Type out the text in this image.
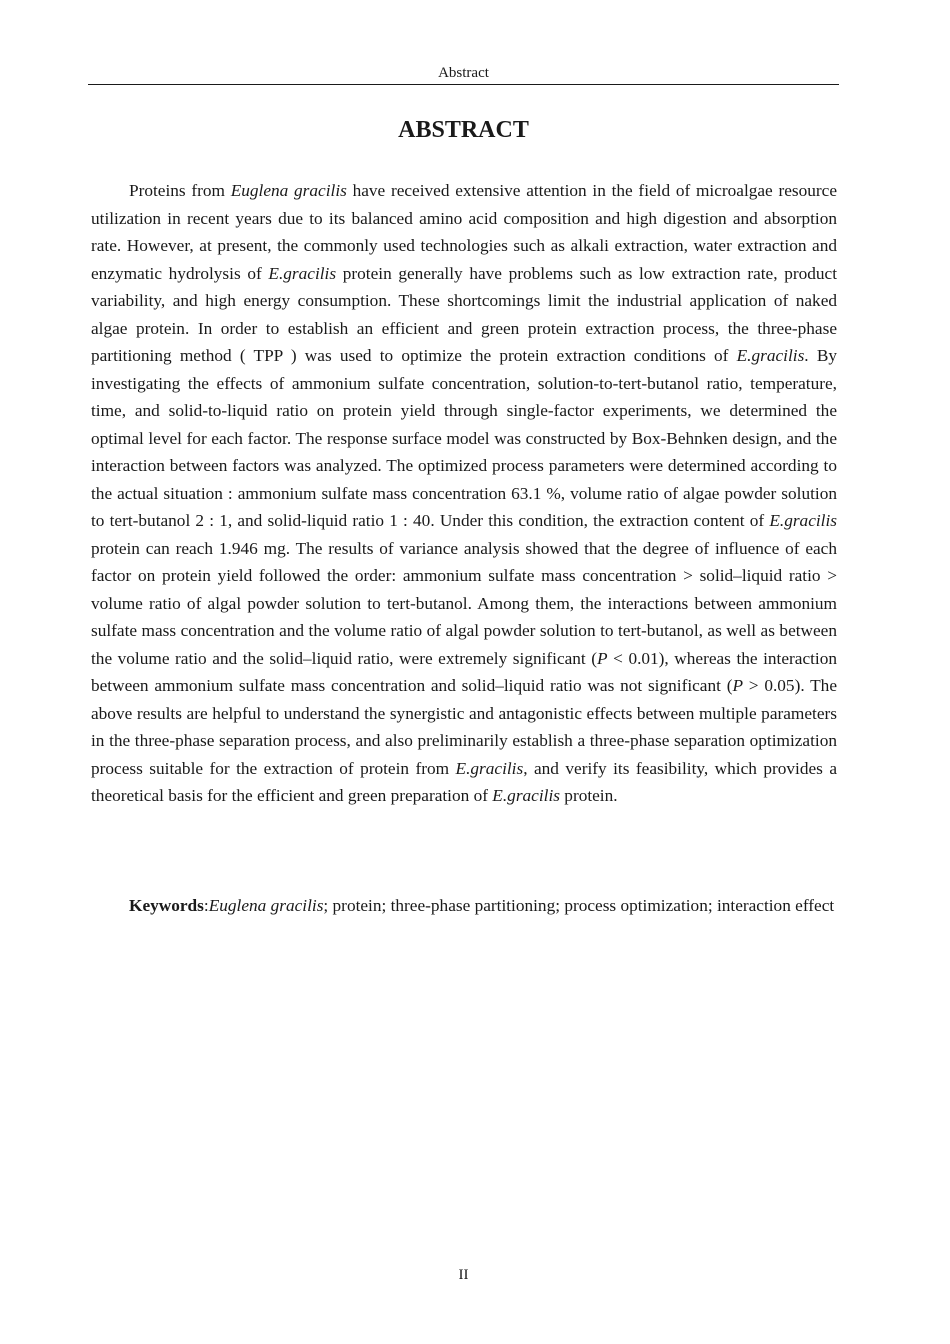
Abstract
ABSTRACT

Proteins from Euglena gracilis have received extensive attention in the field of microalgae resource utilization in recent years due to its balanced amino acid composition and high digestion and absorption rate. However, at present, the commonly used technologies such as alkali extraction, water extraction and enzymatic hydrolysis of E.gracilis protein generally have problems such as low extraction rate, product variability, and high energy consumption. These shortcomings limit the industrial application of naked algae protein. In order to establish an efficient and green protein extraction process, the three-phase partitioning method ( TPP ) was used to optimize the protein extraction conditions of E.gracilis. By investigating the effects of ammonium sulfate concentration, solution-to-tert-butanol ratio, temperature, time, and solid-to-liquid ratio on protein yield through single-factor experiments, we determined the optimal level for each factor. The response surface model was constructed by Box-Behnken design, and the interaction between factors was analyzed. The optimized process parameters were determined according to the actual situation : ammonium sulfate mass concentration 63.1 %, volume ratio of algae powder solution to tert-butanol 2 : 1, and solid-liquid ratio 1 : 40. Under this condition, the extraction content of E.gracilis protein can reach 1.946 mg. The results of variance analysis showed that the degree of influence of each factor on protein yield followed the order: ammonium sulfate mass concentration > solid–liquid ratio > volume ratio of algal powder solution to tert-butanol. Among them, the interactions between ammonium sulfate mass concentration and the volume ratio of algal powder solution to tert-butanol, as well as between the volume ratio and the solid–liquid ratio, were extremely significant (P < 0.01), whereas the interaction between ammonium sulfate mass concentration and solid–liquid ratio was not significant (P > 0.05). The above results are helpful to understand the synergistic and antagonistic effects between multiple parameters in the three-phase separation process, and also preliminarily establish a three-phase separation optimization process suitable for the extraction of protein from E.gracilis, and verify its feasibility, which provides a theoretical basis for the efficient and green preparation of E.gracilis protein.

Keywords:Euglena gracilis; protein; three-phase partitioning; process optimization; interaction effect

II
